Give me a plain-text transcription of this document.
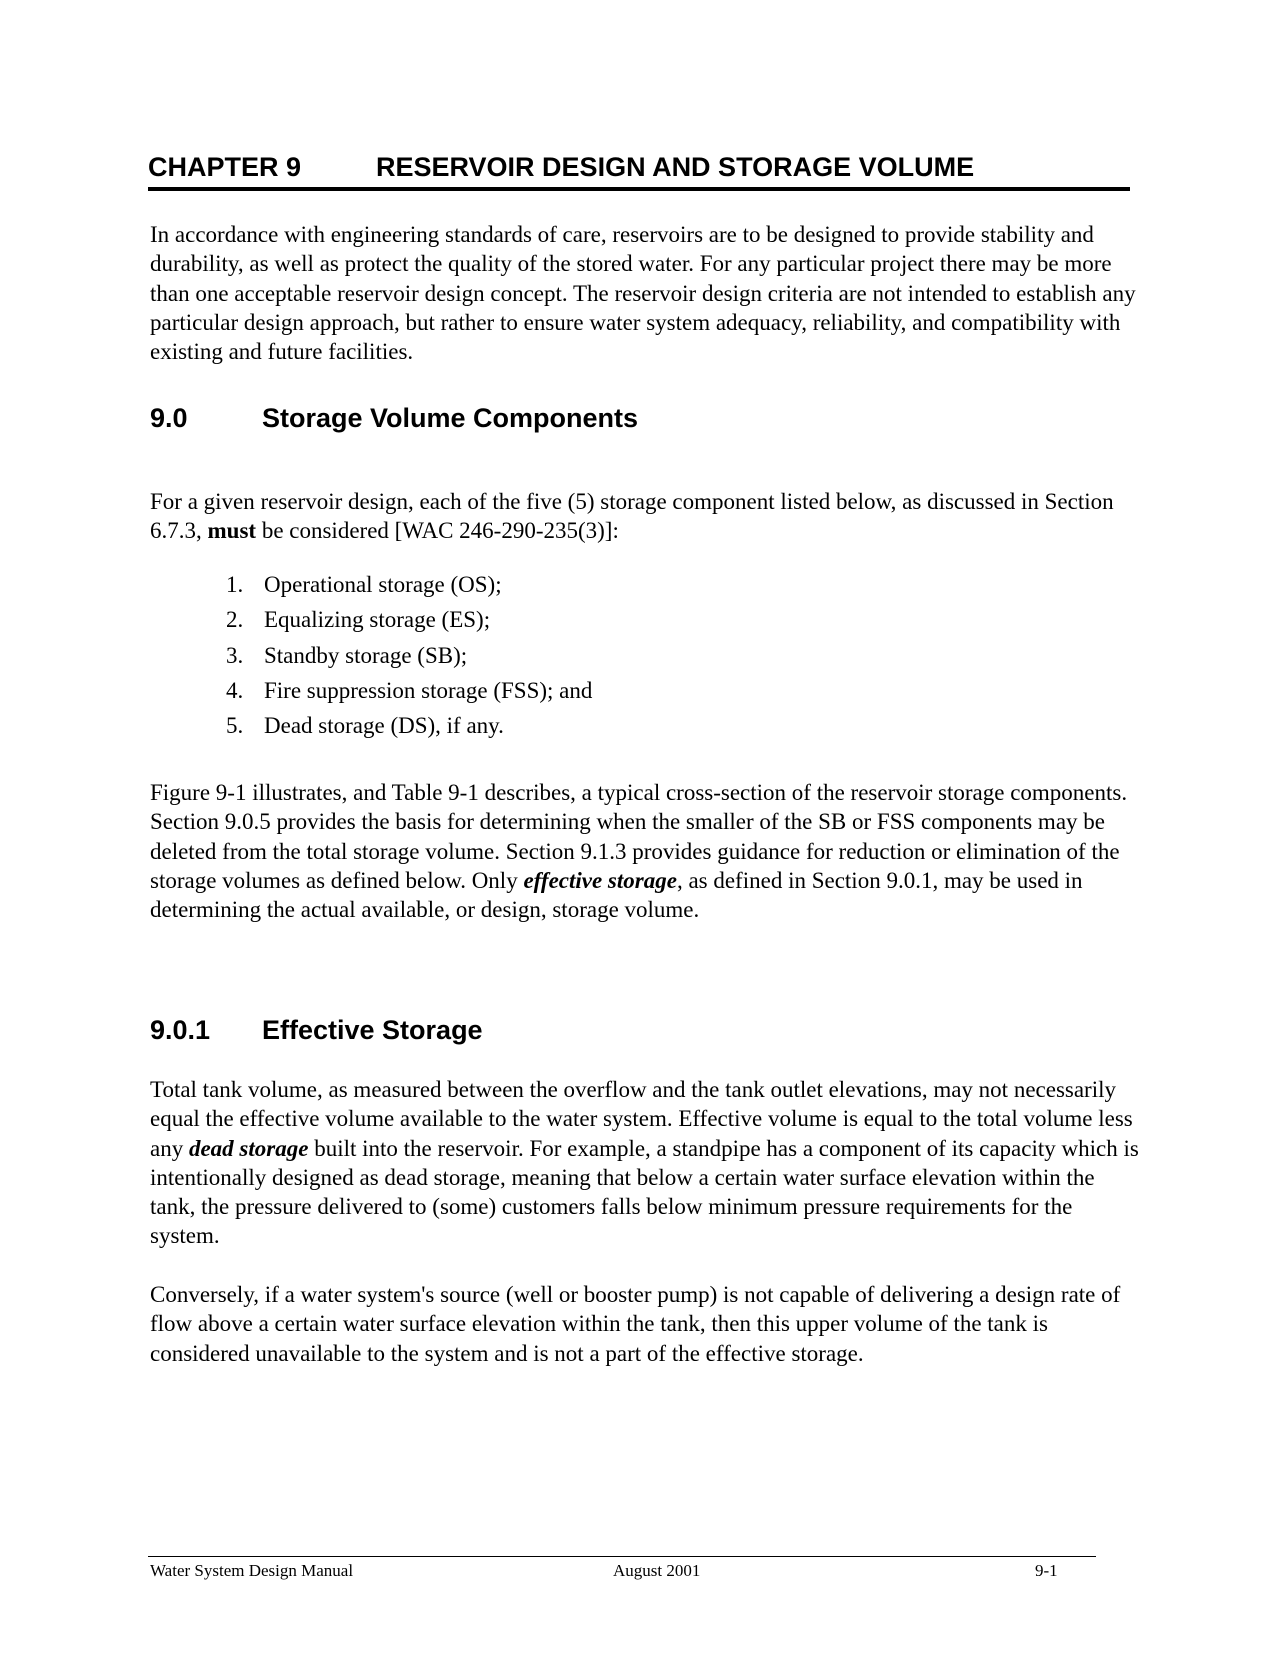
CHAPTER 9	RESERVOIR DESIGN AND STORAGE VOLUME

In accordance with engineering standards of care, reservoirs are to be designed to provide stability and durability, as well as protect the quality of the stored water. For any particular project there may be more than one acceptable reservoir design concept. The reservoir design criteria are not intended to establish any particular design approach, but rather to ensure water system adequacy, reliability, and compatibility with existing and future facilities.

9.0	Storage Volume Components

For a given reservoir design, each of the five (5) storage component listed below, as discussed in Section 6.7.3, must be considered [WAC 246-290-235(3)]:

1. Operational storage (OS);
2. Equalizing storage (ES);
3. Standby storage (SB);
4. Fire suppression storage (FSS); and
5. Dead storage (DS), if any.

Figure 9-1 illustrates, and Table 9-1 describes, a typical cross-section of the reservoir storage components. Section 9.0.5 provides the basis for determining when the smaller of the SB or FSS components may be deleted from the total storage volume. Section 9.1.3 provides guidance for reduction or elimination of the storage volumes as defined below. Only effective storage, as defined in Section 9.0.1, may be used in determining the actual available, or design, storage volume.

9.0.1 Effective Storage

Total tank volume, as measured between the overflow and the tank outlet elevations, may not necessarily equal the effective volume available to the water system. Effective volume is equal to the total volume less any dead storage built into the reservoir. For example, a standpipe has a component of its capacity which is intentionally designed as dead storage, meaning that below a certain water surface elevation within the tank, the pressure delivered to (some) customers falls below minimum pressure requirements for the system.

Conversely, if a water system's source (well or booster pump) is not capable of delivering a design rate of flow above a certain water surface elevation within the tank, then this upper volume of the tank is considered unavailable to the system and is not a part of the effective storage.

Water System Design Manual	August 2001	9-1
